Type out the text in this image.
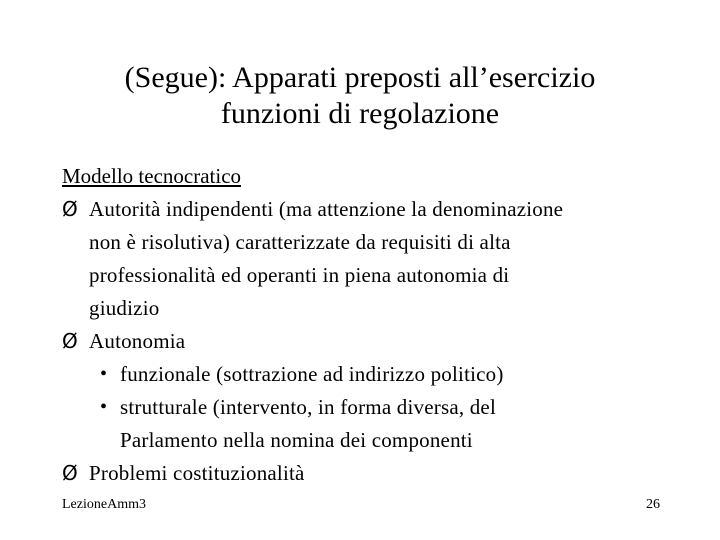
(Segue): Apparati preposti all’esercizio
funzioni di regolazione
Modello tecnocratico
Ø Autorità indipendenti (ma attenzione la denominazione
non è risolutiva) caratterizzate da requisiti di alta
professionalità ed operanti in piena autonomia di
giudizio
Ø Autonomia
• funzionale (sottrazione ad indirizzo politico)
• strutturale (intervento, in forma diversa, del
Parlamento nella nomina dei componenti
Ø Problemi costituzionalità
LezioneAmm3	26
